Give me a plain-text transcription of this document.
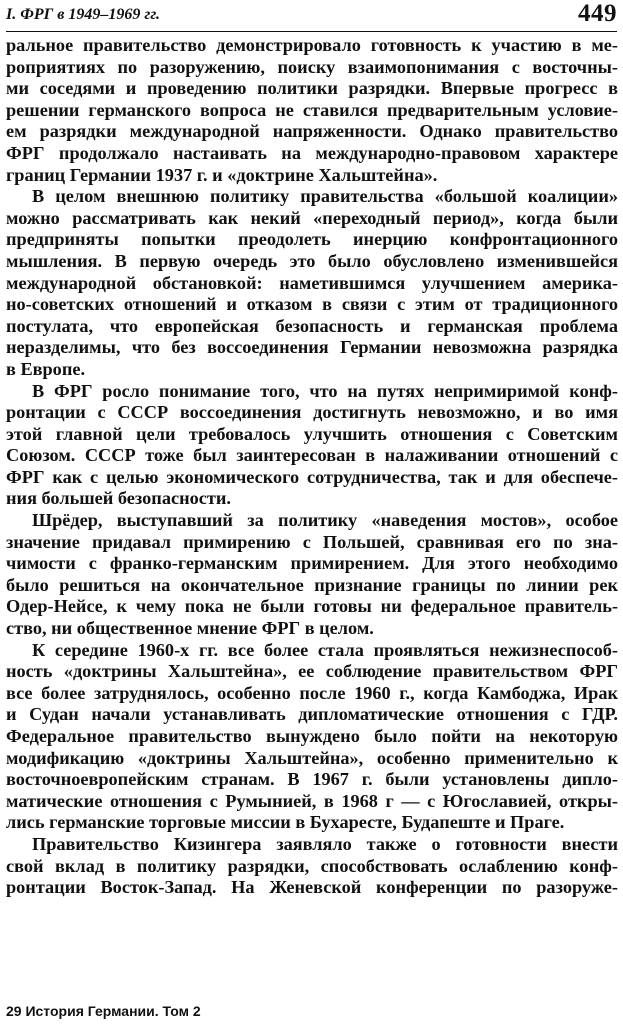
I. ФРГ в 1949–1969 гг.	449
ральное правительство демонстрировало готовность к участию в ме-
роприятиях по разоружению, поиску взаимопонимания с восточны-
ми соседями и проведению политики разрядки. Впервые прогресс в
решении германского вопроса не ставился предварительным условие-
ем разрядки международной напряженности. Однако правительство
ФРГ продолжало настаивать на международно-правовом характере
границ Германии 1937 г. и «доктрине Хальштейна».
В целом внешнюю политику правительства «большой коалиции»
можно рассматривать как некий «переходный период», когда были
предприняты попытки преодолеть инерцию конфронтационного
мышления. В первую очередь это было обусловлено изменившейся
международной обстановкой: наметившимся улучшением америка-
но-советских отношений и отказом в связи с этим от традиционного
постулата, что европейская безопасность и германская проблема
неразделимы, что без воссоединения Германии невозможна разрядка
в Европе.
В ФРГ росло понимание того, что на путях непримиримой конф-
ронтации с СССР воссоединения достигнуть невозможно, и во имя
этой главной цели требовалось улучшить отношения с Советским
Союзом. СССР тоже был заинтересован в налаживании отношений с
ФРГ как с целью экономического сотрудничества, так и для обеспече-
ния большей безопасности.
Шрёдер, выступавший за политику «наведения мостов», особое
значение придавал примирению с Польшей, сравнивая его по зна-
чимости с франко-германским примирением. Для этого необходимо
было решиться на окончательное признание границы по линии рек
Одер-Нейсе, к чему пока не были готовы ни федеральное правитель-
ство, ни общественное мнение ФРГ в целом.
К середине 1960-х гг. все более стала проявляться нежизнеспособ-
ность «доктрины Хальштейна», ее соблюдение правительством ФРГ
все более затруднялось, особенно после 1960 г., когда Камбоджа, Ирак
и Судан начали устанавливать дипломатические отношения с ГДР.
Федеральное правительство вынуждено было пойти на некоторую
модификацию «доктрины Хальштейна», особенно применительно к
восточноевропейским странам. В 1967 г. были установлены дипло-
матические отношения с Румынией, в 1968 г — с Югославией, откры-
лись германские торговые миссии в Бухаресте, Будапеште и Праге.
Правительство Кизингера заявляло также о готовности внести
свой вклад в политику разрядки, способствовать ослаблению конф-
ронтации Восток-Запад. На Женевской конференции по разоруже-
29 История Германии. Том 2
